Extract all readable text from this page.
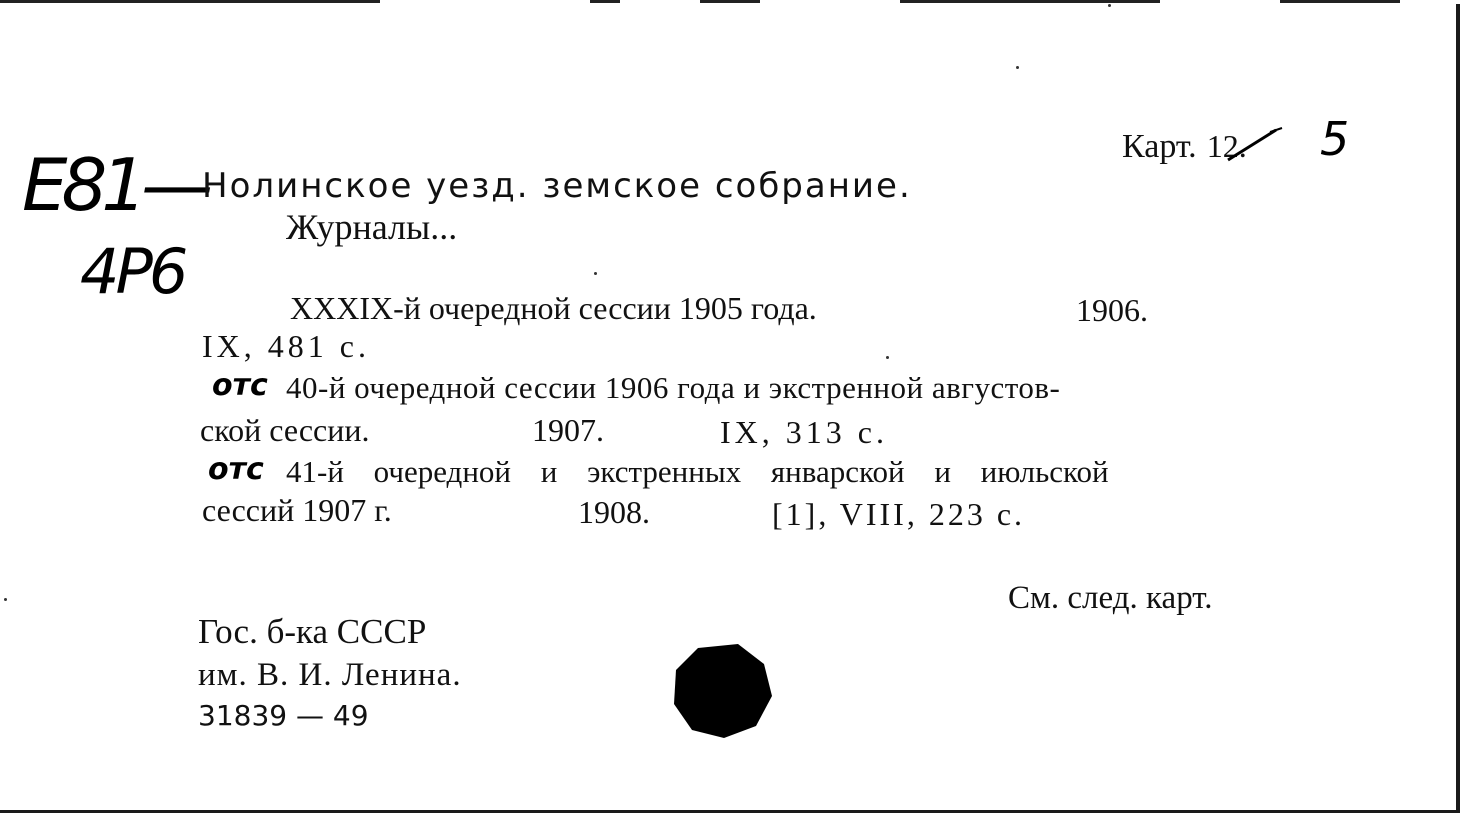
E81—
4P6
Карт. 12. 5
Нолинское уезд. земское собрание.
Журналы...
XXXIX-й очередной сессии 1905 года.	1906.
IX, 481 с.
отс 40-й очередной сессии 1906 года и экстренной августов-
ской сессии.	1907.	IX, 313 с.
отс 41-й очередной и экстренных январской и июльской
сессий 1907 г.	1908.	[1], VIII, 223 с.
См. след. карт.
Гос. б-ка СССР
им. В. И. Ленина.
31839 — 49
